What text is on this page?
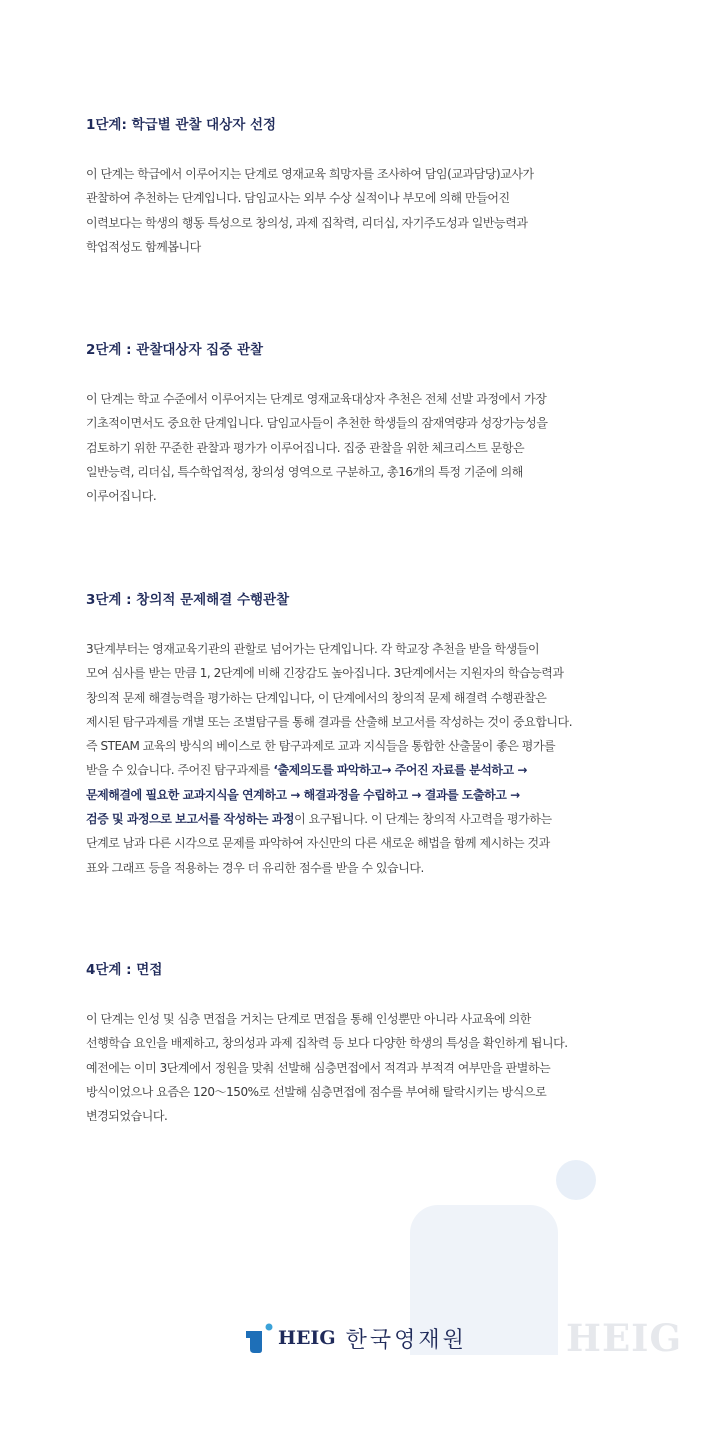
1단계: 학급별 관찰 대상자 선정
이 단계는 학급에서 이루어지는 단계로 영재교육 희망자를 조사하여 담임(교과담당)교사가
관찰하여 추천하는 단계입니다. 담임교사는 외부 수상 실적이나 부모에 의해 만들어진
이력보다는 학생의 행동 특성으로 창의성, 과제 집착력, 리더십, 자기주도성과 일반능력과
학업적성도 함께봅니다
2단계 : 관찰대상자 집중 관찰
이 단계는 학교 수준에서 이루어지는 단계로 영재교육대상자 추천은 전체 선발 과정에서 가장
기초적이면서도 중요한 단계입니다. 담임교사들이 추천한 학생들의 잠재역량과 성장가능성을
검토하기 위한 꾸준한 관찰과 평가가 이루어집니다. 집중 관찰을 위한 체크리스트 문항은
일반능력, 리더십, 특수학업적성, 창의성 영역으로 구분하고, 총16개의 특정 기준에 의해
이루어집니다.
3단계 : 창의적 문제해결 수행관찰
3단계부터는 영재교육기관의 관할로 넘어가는 단계입니다. 각 학교장 추천을 받을 학생들이
모여 심사를 받는 만큼 1, 2단계에 비해 긴장감도 높아집니다. 3단계에서는 지원자의 학습능력과
창의적 문제 해결능력을 평가하는 단계입니다, 이 단계에서의 창의적 문제 해결력 수행관찰은
제시된 탐구과제를 개별 또는 조별탐구를 통해 결과를 산출해 보고서를 작성하는 것이 중요합니다.
즉 STEAM 교육의 방식의 베이스로 한 탐구과제로 교과 지식들을 통합한 산출물이 좋은 평가를
받을 수 있습니다. 주어진 탐구과제를 ‘출제의도를 파악하고→ 주어진 자료를 분석하고 →
문제해결에 필요한 교과지식을 연계하고 → 해결과정을 수립하고 → 결과를 도출하고 →
검증 및 과정으로 보고서를 작성하는 과정이 요구됩니다. 이 단계는 창의적 사고력을 평가하는
단계로 남과 다른 시각으로 문제를 파악하여 자신만의 다른 새로운 해법을 함께 제시하는 것과
표와 그래프 등을 적용하는 경우 더 유리한 점수를 받을 수 있습니다.
4단계 : 면접
이 단계는 인성 및 심층 면접을 거치는 단계로 면접을 통해 인성뿐만 아니라 사교육에 의한
선행학습 요인을 배제하고, 창의성과 과제 집착력 등 보다 다양한 학생의 특성을 확인하게 됩니다.
예전에는 이미 3단계에서 정원을 맞춰 선발해 심층면접에서 적격과 부적격 여부만을 판별하는
방식이었으나 요즘은 120～150%로 선발해 심층면접에 점수를 부여해 탈락시키는 방식으로
변경되었습니다.
HEIG
HEIG 한국영재원
